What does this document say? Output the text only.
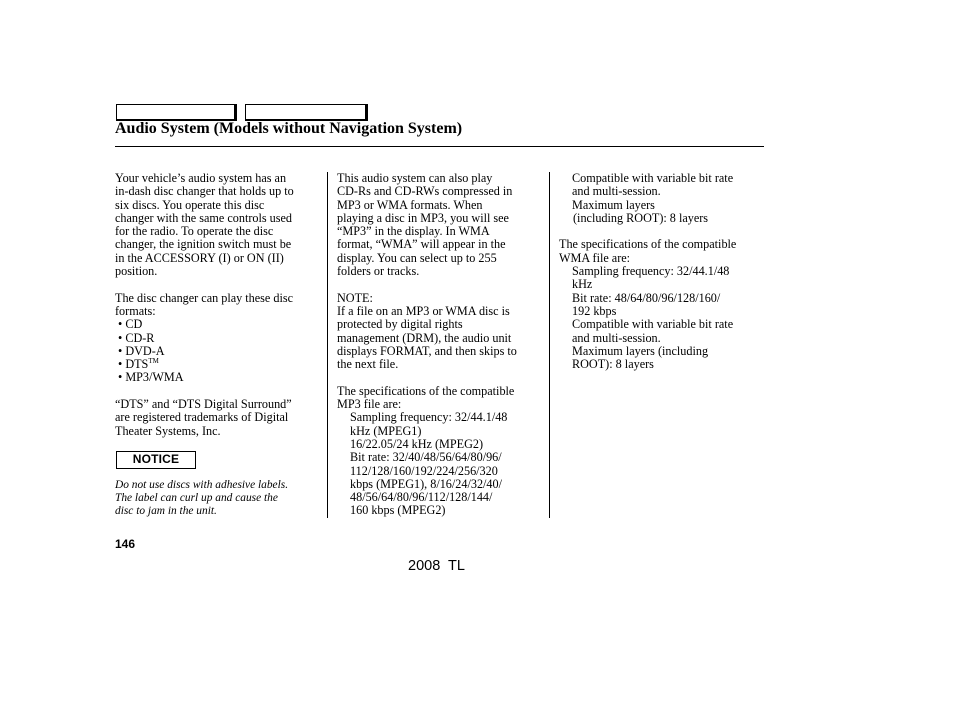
Audio System (Models without Navigation System)

Your vehicle’s audio system has an

in-dash disc changer that holds up to

six discs. You operate this disc

changer with the same controls used

for the radio. To operate the disc

changer, the ignition switch must be

in the ACCESSORY (I) or ON (II)

position.

The disc changer can play these disc

formats:

• CD

• CD-R

• DVD-A

• DTS™

• MP3/WMA

“DTS” and “DTS Digital Surround”

are registered trademarks of Digital

Theater Systems, Inc.

NOTICE

Do not use discs with adhesive labels.

The label can curl up and cause the

disc to jam in the unit.

This audio system can also play

CD-Rs and CD-RWs compressed in

MP3 or WMA formats. When

playing a disc in MP3, you will see

“MP3” in the display. In WMA

format, “WMA” will appear in the

display. You can select up to 255

folders or tracks.

NOTE:

If a file on an MP3 or WMA disc is

protected by digital rights

management (DRM), the audio unit

displays FORMAT, and then skips to

the next file.

The specifications of the compatible

MP3 file are:

Sampling frequency: 32/44.1/48

kHz (MPEG1)

16/22.05/24 kHz (MPEG2)

Bit rate: 32/40/48/56/64/80/96/

112/128/160/192/224/256/320

kbps (MPEG1), 8/16/24/32/40/

48/56/64/80/96/112/128/144/

160 kbps (MPEG2)

Compatible with variable bit rate

and multi-session.

Maximum layers

(including ROOT): 8 layers

The specifications of the compatible

WMA file are:

Sampling frequency: 32/44.1/48

kHz

Bit rate: 48/64/80/96/128/160/

192 kbps

Compatible with variable bit rate

and multi-session.

Maximum layers (including

ROOT): 8 layers

146
2008  TL
